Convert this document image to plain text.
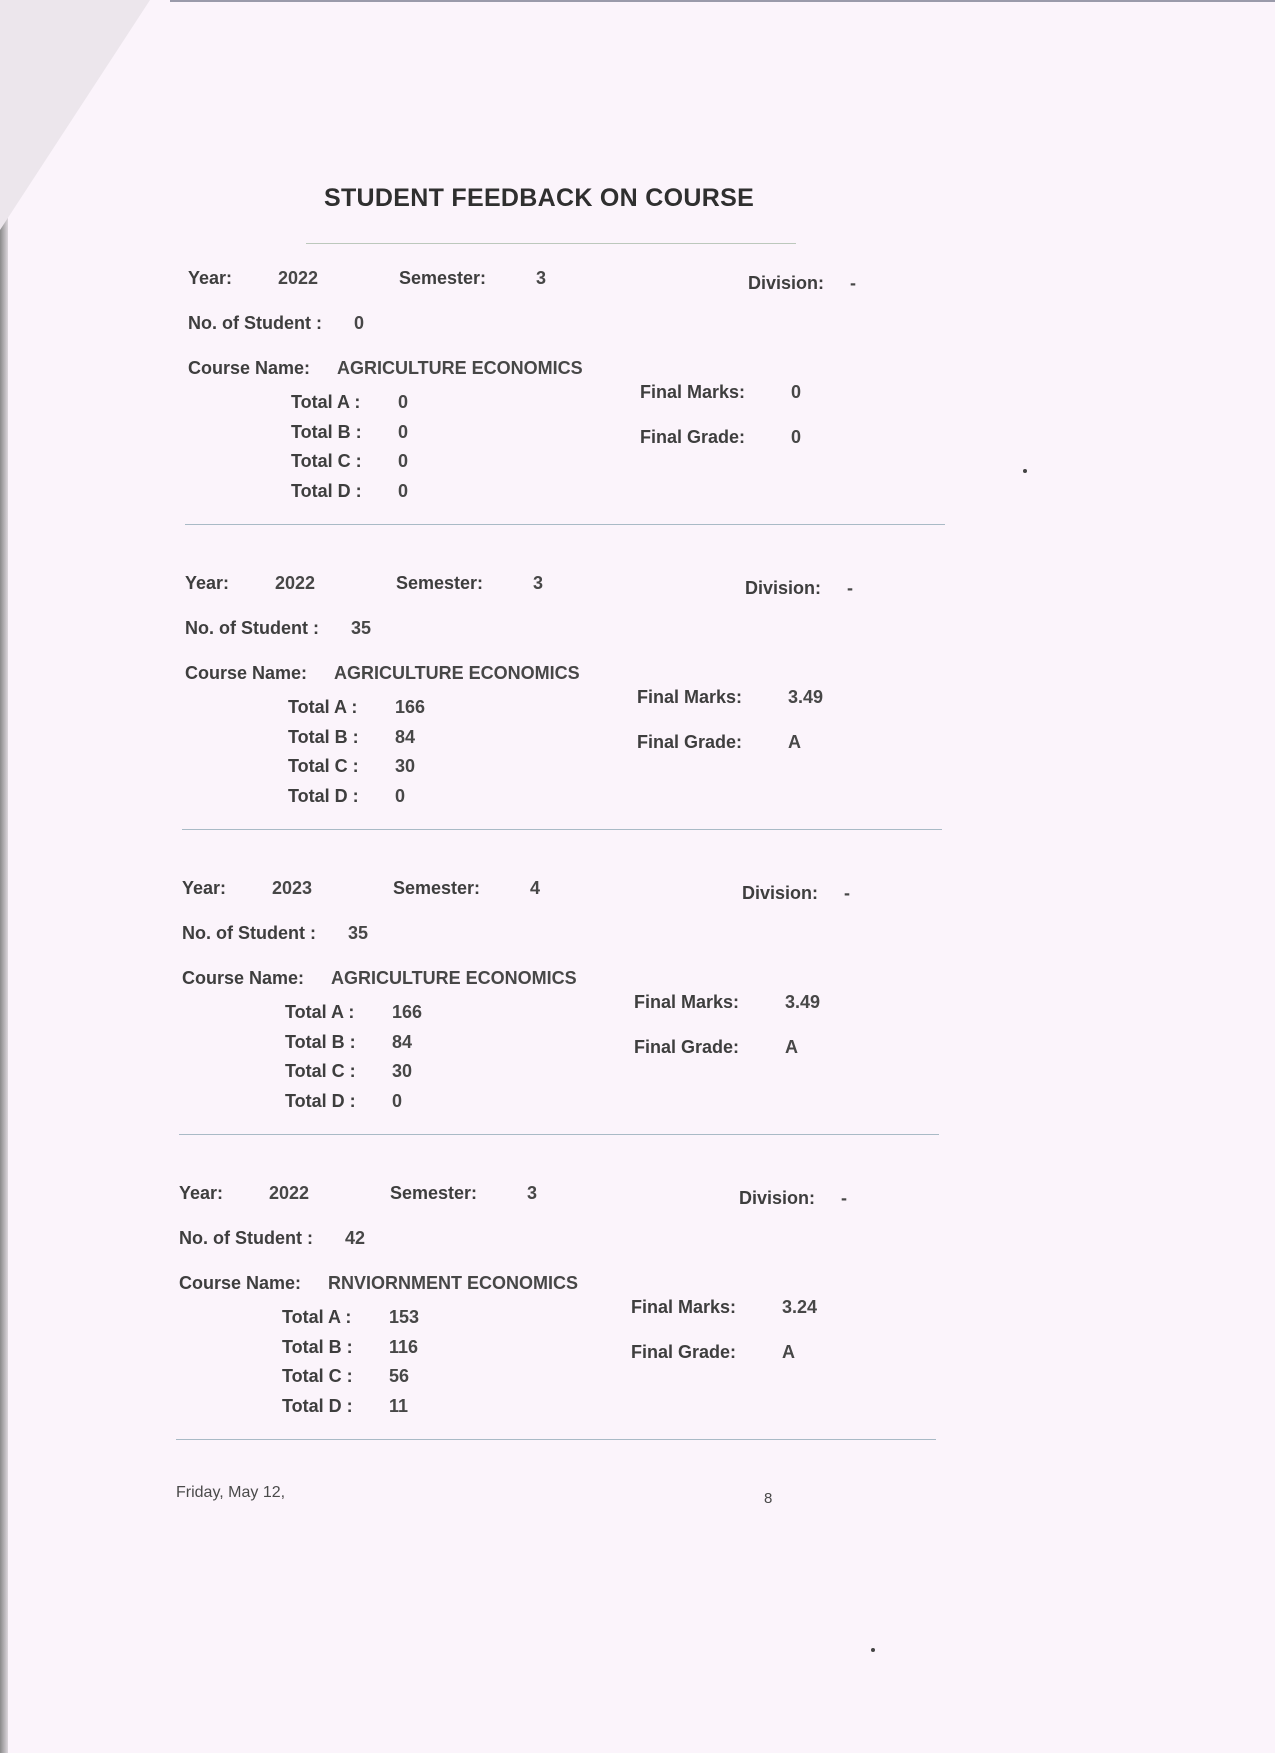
STUDENT FEEDBACK ON COURSE
Year:	2022	Semester:	3	Division: -
No. of Student : 0
Course Name: AGRICULTURE ECONOMICS
Final Marks:	0
Total A : 0
Final Grade:	0
Total B : 0
Total C : 0
Total D : 0
Year:	2022	Semester:	3	Division: -
No. of Student : 35
Course Name: AGRICULTURE ECONOMICS
Final Marks:	3.49
Total A : 166
Final Grade:	A
Total B : 84
Total C : 30
Total D : 0
Year:	2023	Semester:	4	Division: -
No. of Student : 35
Course Name: AGRICULTURE ECONOMICS
Final Marks:	3.49
Total A : 166
Final Grade:	A
Total B : 84
Total C : 30
Total D : 0
Year:	2022	Semester:	3	Division: -
No. of Student : 42
Course Name: RNVIORNMENT ECONOMICS
Final Marks:	3.24
Total A : 153
Final Grade:	A
Total B : 116
Total C : 56
Total D : 11
Friday, May 12,	8
